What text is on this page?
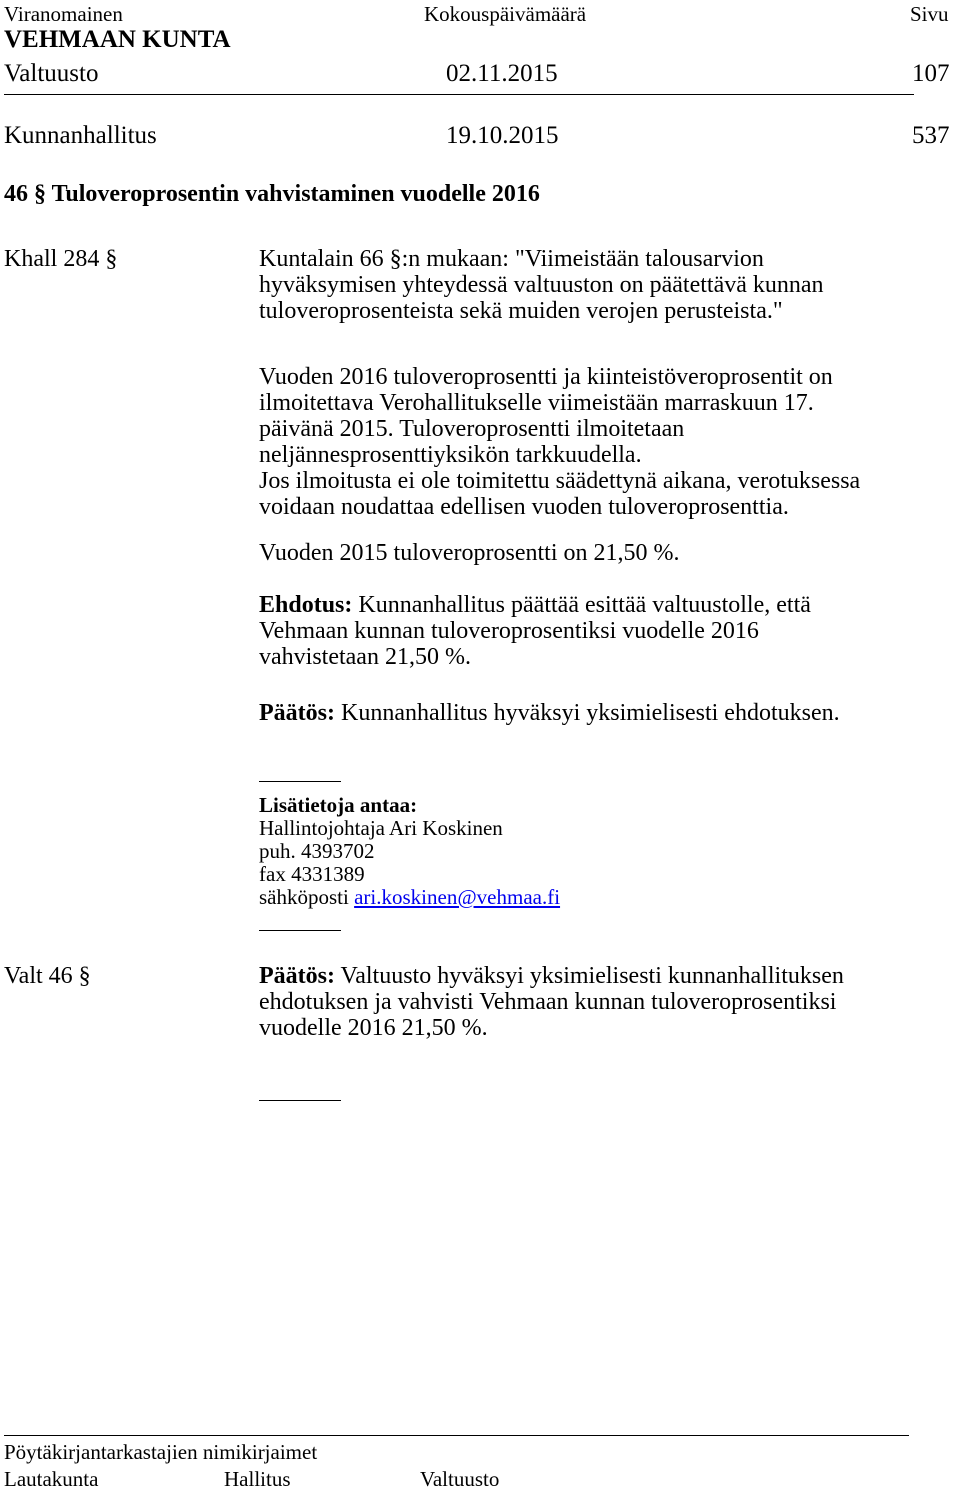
Viranomainen	Kokouspäivämäärä	Sivu
VEHMAAN KUNTA
Valtuusto	02.11.2015	107
Kunnanhallitus	19.10.2015	537
46 § Tuloveroprosentin vahvistaminen vuodelle 2016
Khall 284 §	Kuntalain 66 §:n mukaan: "Viimeistään talousarvion
hyväksymisen yhteydessä valtuuston on päätettävä kunnan
tuloveroprosenteista sekä muiden verojen perusteista."
Vuoden 2016 tuloveroprosentti ja kiinteistöveroprosentit on
ilmoitettava Verohallitukselle viimeistään marraskuun 17.
päivänä 2015. Tuloveroprosentti ilmoitetaan
neljännesprosenttiyksikön tarkkuudella.
Jos ilmoitusta ei ole toimitettu säädettynä aikana, verotuksessa
voidaan noudattaa edellisen vuoden tuloveroprosenttia.
Vuoden 2015 tuloveroprosentti on 21,50 %.
Ehdotus: Kunnanhallitus päättää esittää valtuustolle, että
Vehmaan kunnan tuloveroprosentiksi vuodelle 2016
vahvistetaan 21,50 %.
Päätös: Kunnanhallitus hyväksyi yksimielisesti ehdotuksen.
Lisätietoja antaa:
Hallintojohtaja Ari Koskinen
puh. 4393702
fax 4331389
sähköposti ari.koskinen@vehmaa.fi
Valt 46 §	Päätös: Valtuusto hyväksyi yksimielisesti kunnanhallituksen
ehdotuksen ja vahvisti Vehmaan kunnan tuloveroprosentiksi
vuodelle 2016 21,50 %.
Pöytäkirjantarkastajien nimikirjaimet
Lautakunta	Hallitus	Valtuusto
